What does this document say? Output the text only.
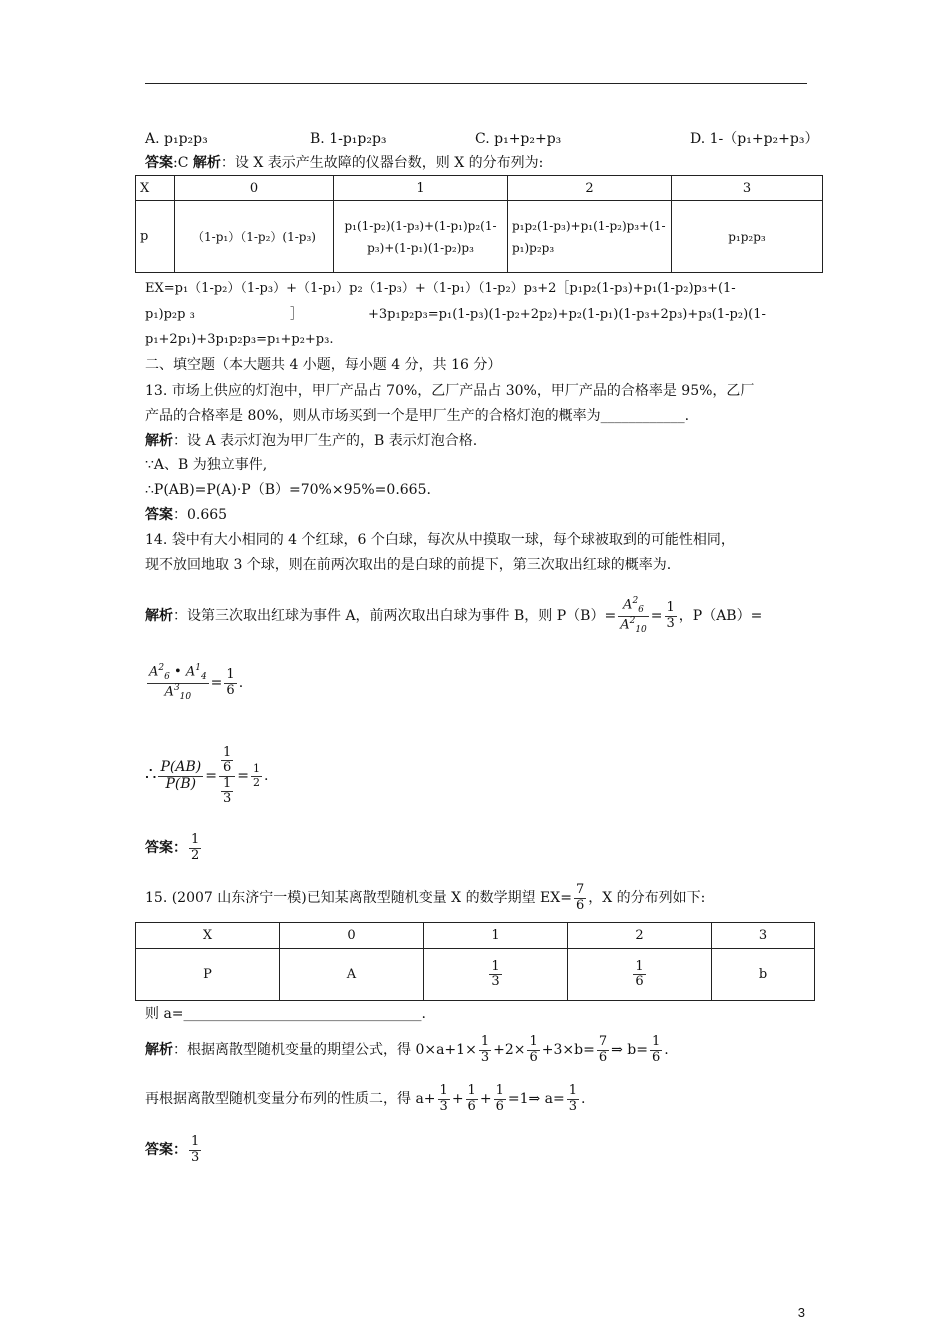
A. p₁p₂p₃	B. 1-p₁p₂p₃	C. p₁+p₂+p₃	D. 1-（p₁+p₂+p₃）
答案:C 解析：设 X 表示产生故障的仪器台数，则 X 的分布列为:
X	0	1	2	3
p	（1-p₁）（1-p₂）(1-p₃)	p₁(1-p₂)(1-p₃)+(1-p₁)p₂(1-p₃)+(1-p₁)(1-p₂)p₃	p₁p₂(1-p₃)+p₁(1-p₂)p₃+(1-p₁)p₂p₃	p₁p₂p₃
EX=p₁（1-p₂）（1-p₃）+（1-p₁）p₂（1-p₃）+（1-p₁）（1-p₂）p₃+2［p₁p₂(1-p₃)+p₁(1-p₂)p₃+(1-
p₁)p₂p ₃	］	+3p₁p₂p₃=p₁(1-p₃)(1-p₂+2p₂)+p₂(1-p₁)(1-p₃+2p₃)+p₃(1-p₂)(1-
p₁+2p₁)+3p₁p₂p₃=p₁+p₂+p₃.
二、填空题（本大题共 4 小题，每小题 4 分，共 16 分）
13. 市场上供应的灯泡中，甲厂产品占 70%，乙厂产品占 30%，甲厂产品的合格率是 95%，乙厂
产品的合格率是 80%，则从市场买到一个是甲厂生产的合格灯泡的概率为____________.
解析：设 A 表示灯泡为甲厂生产的，B 表示灯泡合格.
∵A、B 为独立事件,
∴P(AB)=P(A)·P（B）=70%×95%=0.665.
答案：0.665
14. 袋中有大小相同的 4 个红球，6 个白球，每次从中摸取一球，每个球被取到的可能性相同，
现不放回地取 3 个球，则在前两次取出的是白球的前提下，第三次取出红球的概率为.
解析：设第三次取出红球为事件 A，前两次取出白球为事件 B，则 $P(B)= \frac{A^2_6}{A^2_{10}} = \frac{1}{3}$ ，P（AB）=
$\frac{A^2_6 • A^1_4}{A^3_{10}} = \frac{1}{6}$ .
∴ $\frac{P(AB)}{P(B)} = \frac{\frac{1}{6}}{\frac{1}{3}} = \frac{1}{2}$ .
答案： $\frac{1}{2}$
15. (2007 山东济宁一模)已知某离散型随机变量 X 的数学期望 $EX= \frac{7}{6}$ ，X 的分布列如下:
X	0	1	2	3
P	A	$\frac{1}{3}$	$\frac{1}{6}$	b
则 a=__________________________________.
解析：根据离散型随机变量的期望公式，得 $0\times a+1\times \frac{1}{3} +2\times \frac{1}{6} +3\times b= \frac{7}{6}$ ⇒ $b= \frac{1}{6}$ .
再根据离散型随机变量分布列的性质二，得 $a+ \frac{1}{3} + \frac{1}{6} + \frac{1}{6}$ =1⇒ $a= \frac{1}{3}$ .
答案： $\frac{1}{3}$
3
